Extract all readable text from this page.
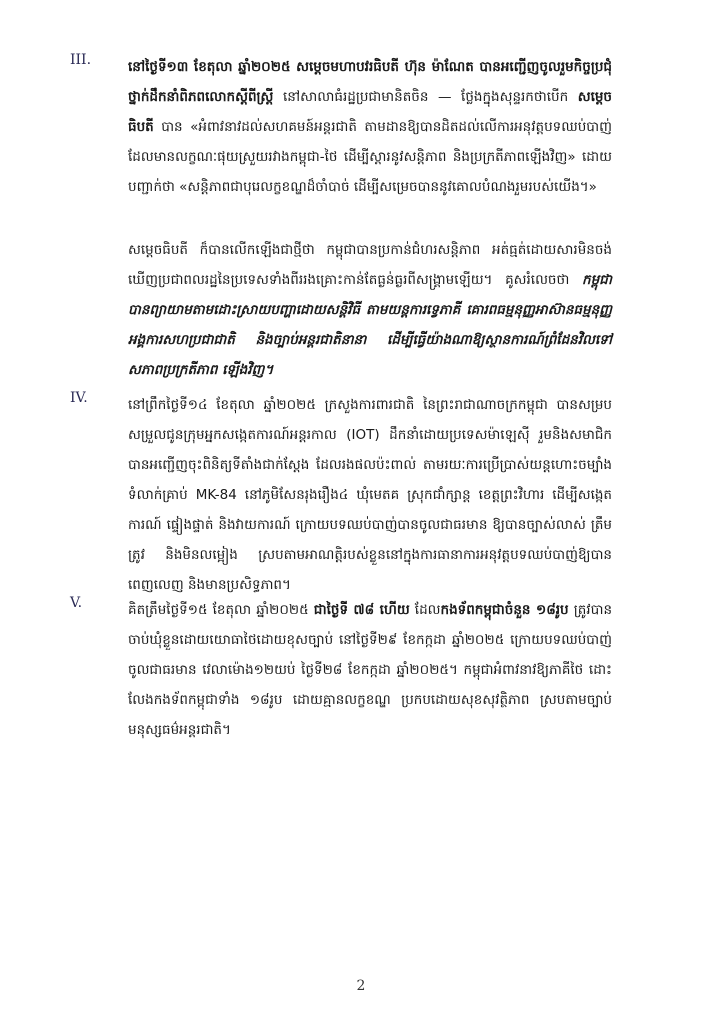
III.	នៅថ្ងៃទី១៣ ខែតុលា ឆ្នាំ២០២៥ សម្ដេចមហាបវរធិបតី ហ៊ុន ម៉ាណែត បានអញ្ជើញចូលរួមកិច្ចប្រជុំថ្នាក់ដឹកនាំពិភពលោកស្ដីពីស្ត្រី នៅសាលាធំរដ្ឋប្រជាមានិតចិន — ថ្លែងក្នុងសុន្ទរកថាបើក សម្ដេចធិបតី បាន «អំពាវនាវដល់សហគមន៍អន្តរជាតិ តាមដានឱ្យបានដិតដល់លើការអនុវត្តបទឈប់បាញ់ដែលមានលក្ខណៈផុយស្រួយរវាងកម្ពុជា-ថៃ ដើម្បីស្ដារនូវសន្តិភាព និងប្រក្រតីភាពឡើងវិញ» ដោយបញ្ជាក់ថា «សន្តិភាពជាបុរេលក្ខខណ្ឌដ៏ចាំបាច់ ដើម្បីសម្រេចបាននូវគោលបំណងរួមរបស់យើង។»
សម្ដេចធិបតី ក៏បានលើកឡើងជាថ្មីថា កម្ពុជាបានប្រកាន់ជំហរសន្តិភាព អត់ធ្មត់ដោយសារមិនចង់ឃើញប្រជាពលរដ្ឋនៃប្រទេសទាំងពីររងគ្រោះកាន់តែធ្ងន់ធ្ងរពីសង្គ្រាមឡើយ។ គូសរំលេចថា កម្ពុជាបានព្យាយាមតាមដោះស្រាយបញ្ហាដោយសន្តិវិធី តាមយន្តការទ្វេភាគី គោរពធម្មនុញ្ញអាស៊ានធម្មនុញ្ញអង្គការសហប្រជាជាតិ និងច្បាប់អន្តរជាតិនានា ដើម្បីធ្វើយ៉ាងណាឱ្យស្ថានការណ៍ព្រំដែនវិលទៅសភាពប្រក្រតីភាព ឡើងវិញ។
IV.	នៅព្រឹកថ្ងៃទី១៤ ខែតុលា ឆ្នាំ២០២៥ ក្រសួងការពារជាតិ នៃព្រះរាជាណាចក្រកម្ពុជា បានសម្របសម្រួលជូនក្រុមអ្នកសង្កេតការណ៍អន្តរកាល (IOT) ដឹកនាំដោយប្រទេសម៉ាឡេស៊ី រួមនិងសមាជិក បានអញ្ជើញចុះពិនិត្យទីតាំងជាក់ស្ដែង ដែលរងផលប៉ះពាល់ តាមរយៈការប្រើប្រាស់យន្តហោះចម្បាំងទំលាក់គ្រាប់ MK-84 នៅភូមិសែនរុងរឿង៤ ឃុំមេតគ ស្រុកជាំក្សាន្ត ខេត្តព្រះវិហារ ដើម្បីសង្កេតការណ៍ ផ្ទៀងផ្ទាត់ និងវាយការណ៍ ក្រោយបទឈប់បាញ់បានចូលជាធរមាន ឱ្យបានច្បាស់លាស់ ត្រឹមត្រូវ និងមិនលម្អៀង ស្របតាមអាណត្តិរបស់ខ្លួននៅក្នុងការធានាការអនុវត្តបទឈប់បាញ់ឱ្យបានពេញលេញ និងមានប្រសិទ្ធភាព។
V.	គិតត្រឹមថ្ងៃទី១៥ ខែតុលា ឆ្នាំ២០២៥ ជាថ្ងៃទី ៧៨ ហើយ ដែលកងទ័ពកម្ពុជាចំនួន ១៨រូប ត្រូវបានចាប់ឃុំខ្លួនដោយយោធាថៃដោយខុសច្បាប់ នៅថ្ងៃទី២៩ ខែកក្កដា ឆ្នាំ២០២៥ ក្រោយបទឈប់បាញ់ចូលជាធរមាន វេលាម៉ោង១២យប់ ថ្ងៃទី២៨ ខែកក្កដា ឆ្នាំ២០២៥។ កម្ពុជាអំពាវនាវឱ្យភាគីថៃ ដោះលែងកងទ័ពកម្ពុជាទាំង ១៨រូប ដោយគ្មានលក្ខខណ្ឌ ប្រកបដោយសុខសុវត្ថិភាព ស្របតាមច្បាប់មនុស្សធម៌អន្តរជាតិ។
2
